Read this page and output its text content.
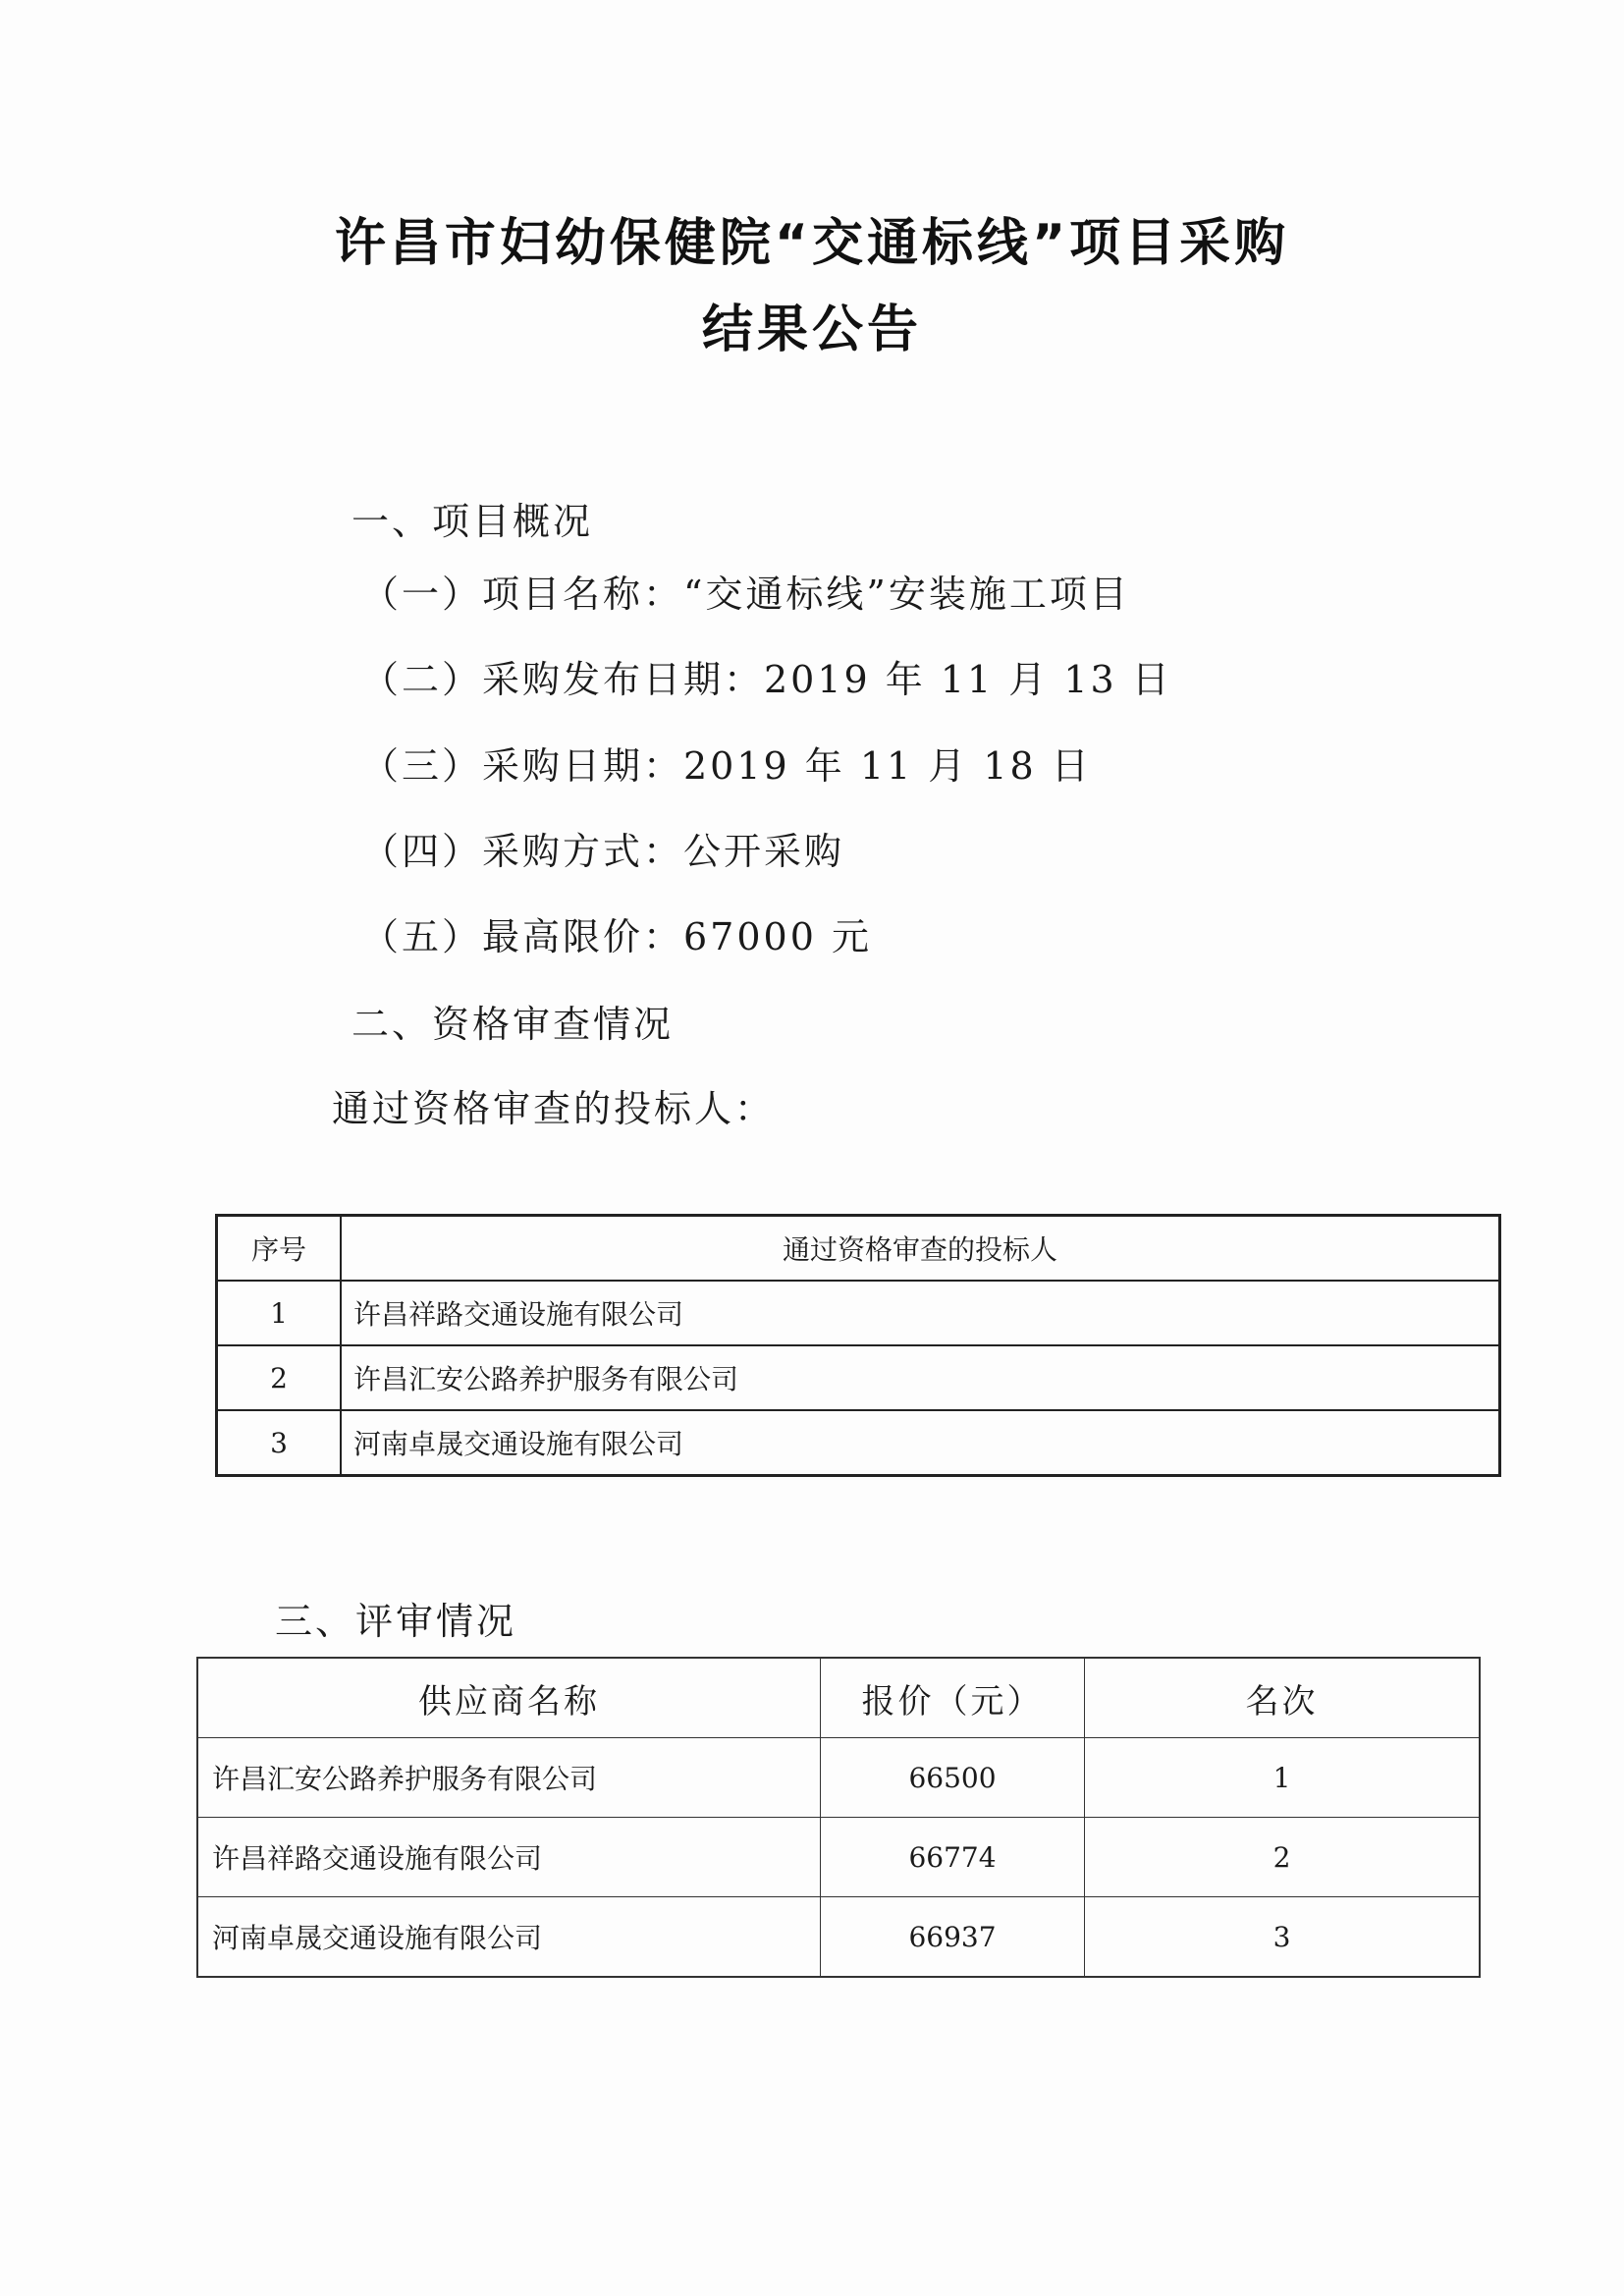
许昌市妇幼保健院“交通标线”项目采购
结果公告
一、项目概况
（一）项目名称：“交通标线”安装施工项目
（二）采购发布日期：2019 年 11 月 13 日
（三）采购日期：2019 年 11 月 18 日
（四）采购方式：公开采购
（五）最高限价：67000 元
二、资格审查情况
通过资格审查的投标人：
序号	通过资格审查的投标人
1	许昌祥路交通设施有限公司
2	许昌汇安公路养护服务有限公司
3	河南卓晟交通设施有限公司
三、评审情况
供应商名称	报价（元）	名次
许昌汇安公路养护服务有限公司	66500	1
许昌祥路交通设施有限公司	66774	2
河南卓晟交通设施有限公司	66937	3
